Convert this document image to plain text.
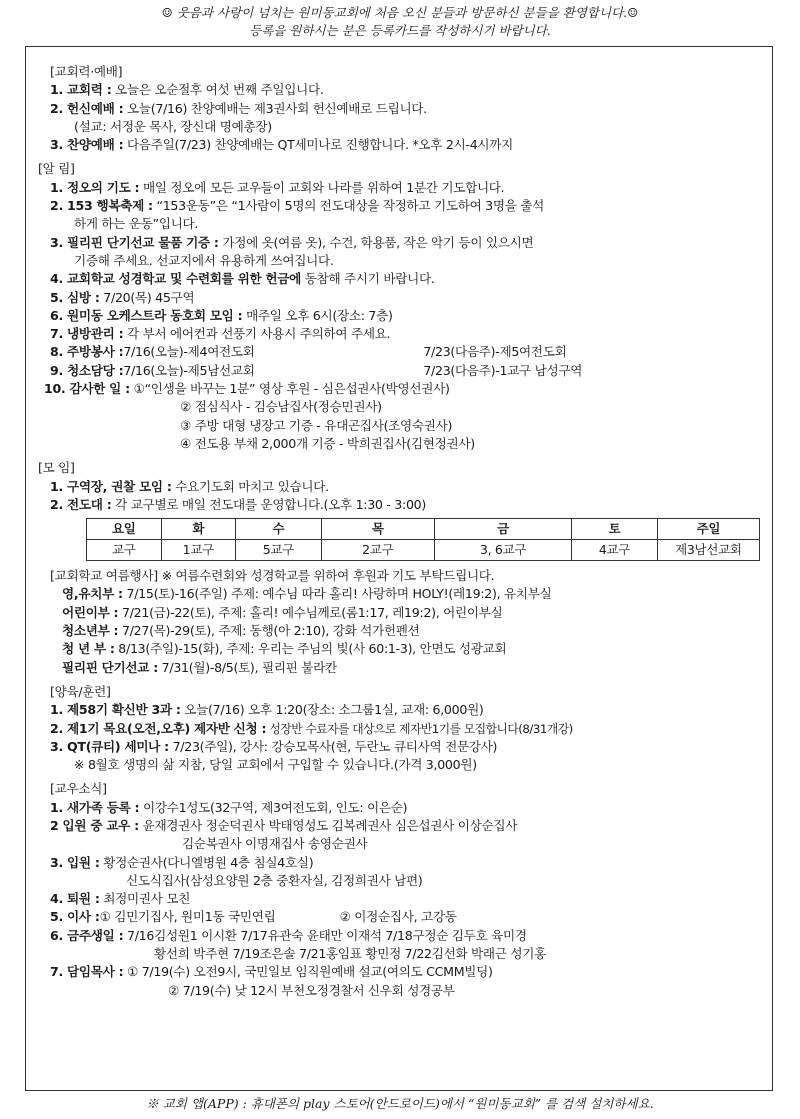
☺ 웃음과 사랑이 넘치는 원미동교회에 처음 오신 분들과 방문하신 분들을 환영합니다.☺
등록을 원하시는 분은 등록카드를 작성하시기 바랍니다.
[교회력·예배]
1. 교회력 : 오늘은 오순절후 여섯 번째 주일입니다.
2. 헌신예배 : 오늘(7/16) 찬양예배는 제3권사회 헌신예배로 드립니다.
(설교: 서정운 목사, 장신대 명예총장)
3. 찬양예배 : 다음주일(7/23) 찬양예배는 QT세미나로 진행합니다. *오후 2시-4시까지
[알 림]
1. 정오의 기도 : 매일 정오에 모든 교우들이 교회와 나라를 위하여 1분간 기도합니다.
2. 153 행복축제 : “153운동”은 “1사람이 5명의 전도대상을 작정하고 기도하여 3명을 출석
하게 하는 운동”입니다.
3. 필리핀 단기선교 물품 기증 : 가정에 옷(여름 옷), 수건, 학용품, 작은 악기 등이 있으시면
기증해 주세요. 선교지에서 유용하게 쓰여집니다.
4. 교회학교 성경학교 및 수련회를 위한 헌금에 동참해 주시기 바랍니다.
5. 심방 : 7/20(목) 45구역
6. 원미동 오케스트라 동호회 모임 : 매주일 오후 6시(장소: 7층)
7. 냉방관리 : 각 부서 에어컨과 선풍기 사용시 주의하여 주세요.
8. 주방봉사 :7/16(오늘)-제4여전도회	7/23(다음주)-제5여전도회
9. 청소담당 :7/16(오늘)-제5남선교회	7/23(다음주)-1교구 남성구역
10. 감사한 일 : ①“인생을 바꾸는 1분” 영상 후원 - 심은섭권사(박영선권사)
② 점심식사 - 김승남집사(정승민권사)
③ 주방 대형 냉장고 기증 - 유대곤집사(조영숙권사)
④ 전도용 부채 2,000개 기증 - 박희권집사(김현정권사)
[모 임]
1. 구역장, 권찰 모임 : 수요기도회 마치고 있습니다.
2. 전도대 : 각 교구별로 매일 전도대를 운영합니다.(오후 1:30 - 3:00)
요일	화	수	목	금	토	주일
교구	1교구	5교구	2교구	3, 6교구	4교구	제3남선교회
[교회학교 여름행사] ※ 여름수련회와 성경학교를 위하여 후원과 기도 부탁드립니다.
영,유치부 : 7/15(토)-16(주일) 주제: 예수님 따라 홀리! 사랑하며 HOLY!(레19:2), 유치부실
어린이부 : 7/21(금)-22(토), 주제: 홀리! 예수님께로(롬1:17, 레19:2), 어린이부실
청소년부 : 7/27(목)-29(토), 주제: 동행(아 2:10), 강화 석가헌펜션
청 년 부 : 8/13(주일)-15(화), 주제: 우리는 주님의 빛(사 60:1-3), 안면도 성광교회
필리핀 단기선교 : 7/31(월)-8/5(토), 필리핀 불라칸
[양육/훈련]
1. 제58기 확신반 3과 : 오늘(7/16) 오후 1:20(장소: 소그룹1실, 교재: 6,000원)
2. 제1기 목요(오전,오후) 제자반 신청 : 성장반 수료자를 대상으로 제자반1기를 모집합니다(8/31개강)
3. QT(큐티) 세미나 : 7/23(주일), 강사: 강승모목사(현, 두란노 큐티사역 전문강사)
※ 8월호 생명의 삶 지참, 당일 교회에서 구입할 수 있습니다.(가격 3,000원)
[교우소식]
1. 새가족 등록 : 이강수1성도(32구역, 제3여전도회, 인도: 이은순)
2 입원 중 교우 : 윤재경권사 정순덕권사 박태영성도 김복례권사 심은섭권사 이상순집사
김순복권사 이명재집사 송영순권사
3. 입원 : 황정순권사(다니엘병원 4층 침실4호실)
신도식집사(삼성요양원 2층 중환자실, 김정희권사 남편)
4. 퇴원 : 최정미권사 모친
5. 이사 :① 김민기집사, 원미1동 국민연립	② 이정순집사, 고강동
6. 금주생일 : 7/16김성원1 이시환 7/17유관숙 윤태만 이재석 7/18구정순 김두호 육미경
황선희 박주현 7/19조은솔 7/21홍임표 황민정 7/22김선화 박래근 성기홍
7. 담임목사 : ① 7/19(수) 오전9시, 국민일보 임직원예배 설교(여의도 CCMM빌딩)
② 7/19(수) 낮 12시 부천오정경찰서 신우회 성경공부
※ 교회 앱(APP) : 휴대폰의 play 스토어(안드로이드)에서 “원미동교회” 를 검색 설치하세요.
